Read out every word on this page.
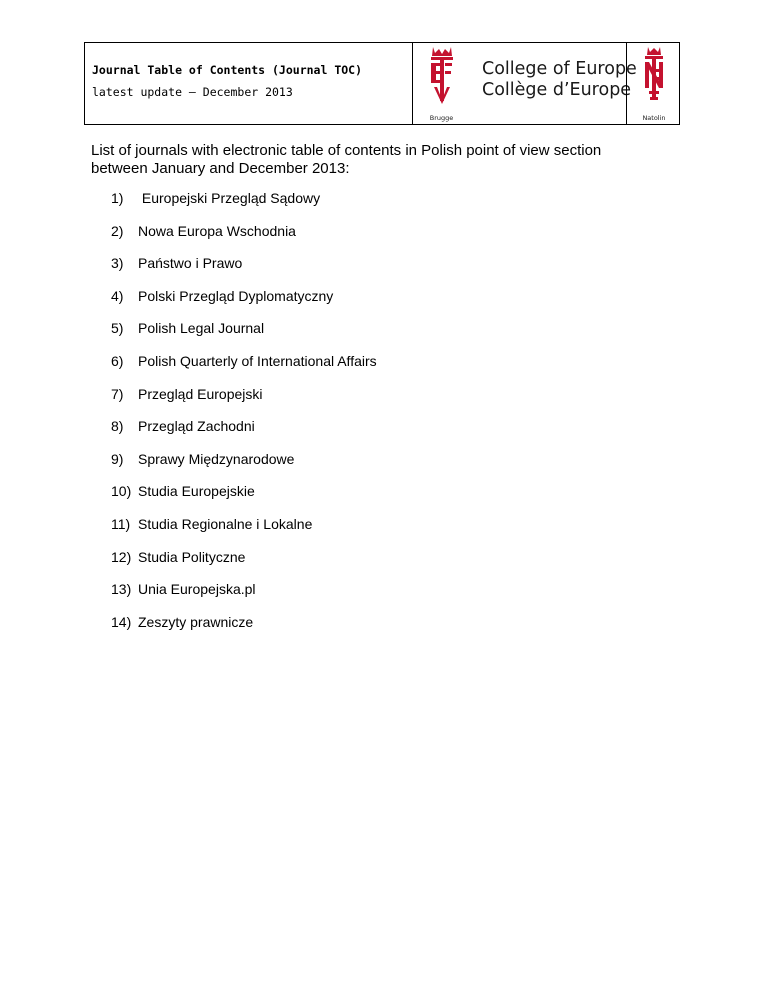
Journal Table of Contents (Journal TOC)
latest update – December 2013
Brugge
College of Europe
Collège d’Europe
Natolin
List of journals with electronic table of contents in Polish point of view section between January and December 2013:
1) Europejski Przegląd Sądowy
2) Nowa Europa Wschodnia
3) Państwo i Prawo
4) Polski Przegląd Dyplomatyczny
5) Polish Legal Journal
6) Polish Quarterly of International Affairs
7) Przegląd Europejski
8) Przegląd Zachodni
9) Sprawy Międzynarodowe
10) Studia Europejskie
11) Studia Regionalne i Lokalne
12) Studia Polityczne
13) Unia Europejska.pl
14) Zeszyty prawnicze
